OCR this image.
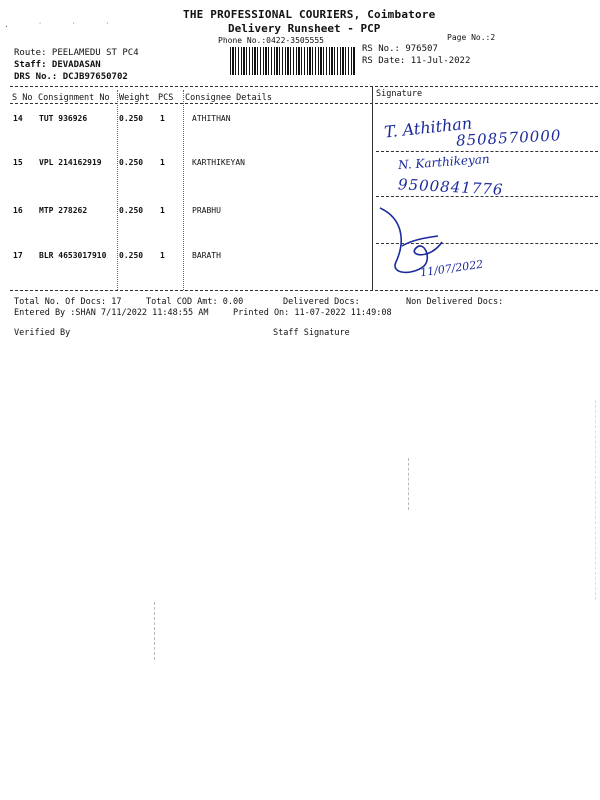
THE PROFESSIONAL COURIERS, Coimbatore
Delivery Runsheet - PCP
Phone No.:0422-3505555	Page No.:2
Route: PEELAMEDU ST PC4
Staff: DEVADASAN
DRS No.: DCJB97650702
RS No.: 976507
RS Date: 11-Jul-2022
S No Consignment No Weight PCS Consignee Details	Signature
14 TUT 936926	0.250 1	ATHITHAN
15 VPL 214162919 0.250 1	KARTHIKEYAN
16 MTP 278262	0.250 1	PRABHU
17 BLR 4653017910 0.250 1	BARATH
T. Athithan
8508570000
N. Karthikeyan
9500841776
11/07/2022
Total No. Of Docs: 17	Total COD Amt: 0.00	Delivered Docs:	Non Delivered Docs:
Entered By :SHAN 7/11/2022 11:48:55 AM	Printed On: 11-07-2022 11:49:08
Verified By	Staff Signature
· ˙ ˙ ˙
